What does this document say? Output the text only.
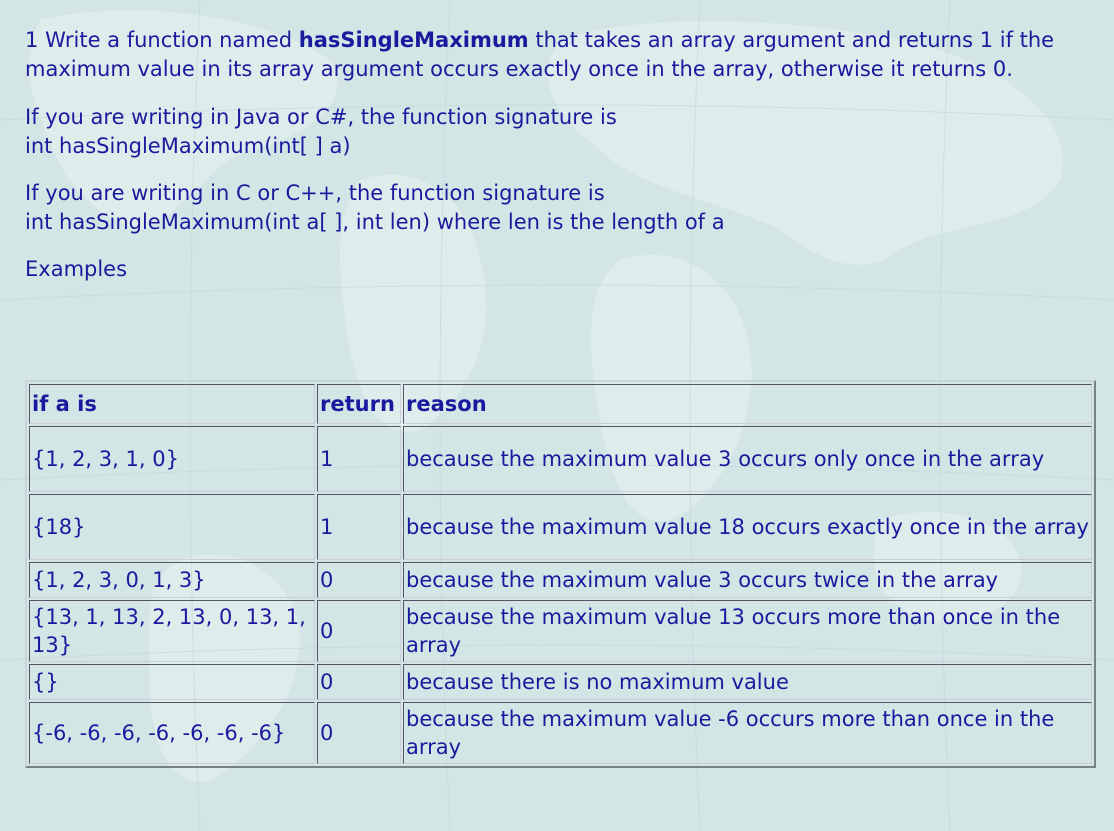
1 Write a function named hasSingleMaximum that takes an array argument and returns 1 if the maximum value in its array argument occurs exactly once in the array, otherwise it returns 0.

If you are writing in Java or C#, the function signature is
int hasSingleMaximum(int[ ] a)

If you are writing in C or C++, the function signature is
int hasSingleMaximum(int a[ ], int len) where len is the length of a

Examples

if a is	return	reason
{1, 2, 3, 1, 0}	1	because the maximum value 3 occurs only once in the array
{18}	1	because the maximum value 18 occurs exactly once in the array
{1, 2, 3, 0, 1, 3}	0	because the maximum value 3 occurs twice in the array
{13, 1, 13, 2, 13, 0, 13, 1, 13}	0	because the maximum value 13 occurs more than once in the array
{}	0	because there is no maximum value
{-6, -6, -6, -6, -6, -6, -6}	0	because the maximum value -6 occurs more than once in the array
